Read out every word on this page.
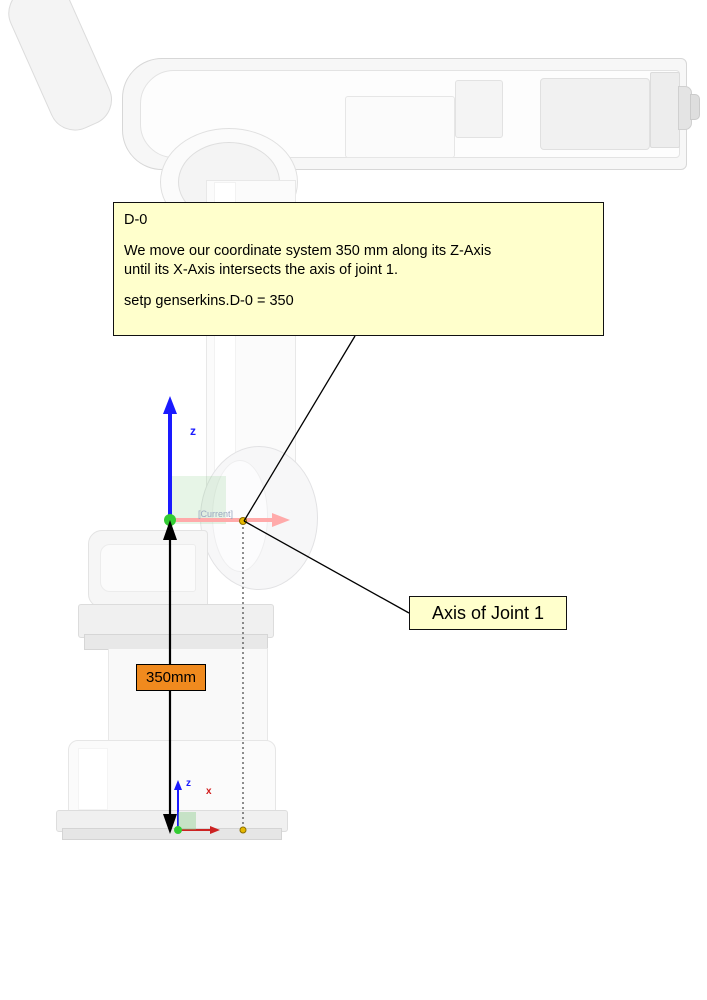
z
z
x
[Current]

D-0

We move our coordinate system 350 mm along its Z-Axis

until its X-Axis intersects the axis of joint 1.

setp genserkins.D-0 = 350

Axis of Joint 1
350mm
